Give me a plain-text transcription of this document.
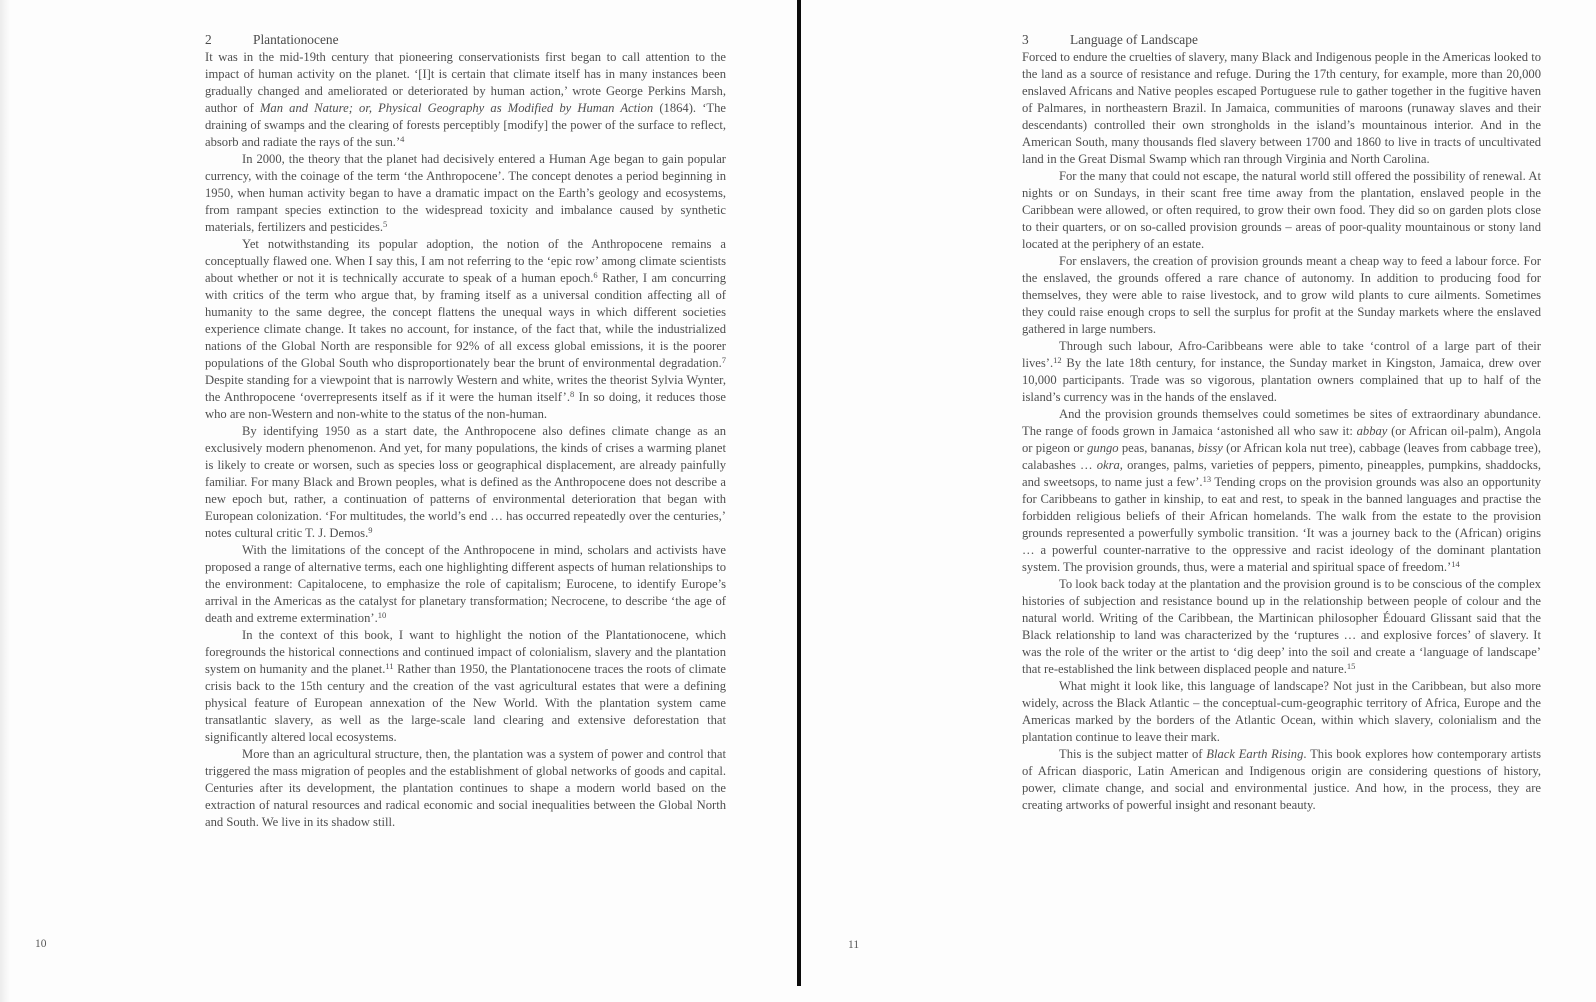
2	Plantationocene

It was in the mid-19th century that pioneering conservationists first began to call attention to the impact of human activity on the planet. ‘[I]t is certain that climate itself has in many instances been gradually changed and ameliorated or deteriorated by human action,’ wrote George Perkins Marsh, author of Man and Nature; or, Physical Geography as Modified by Human Action (1864). ‘The draining of swamps and the clearing of forests perceptibly [modify] the power of the surface to reflect, absorb and radiate the rays of the sun.’$^4$

In 2000, the theory that the planet had decisively entered a Human Age began to gain popular currency, with the coinage of the term ‘the Anthropocene’. The concept denotes a period beginning in 1950, when human activity began to have a dramatic impact on the Earth’s geology and ecosystems, from rampant species extinction to the widespread toxicity and imbalance caused by synthetic materials, fertilizers and pesticides.$^5$

Yet notwithstanding its popular adoption, the notion of the Anthropocene remains a conceptually flawed one. When I say this, I am not referring to the ‘epic row’ among climate scientists about whether or not it is technically accurate to speak of a human epoch.$^6$ Rather, I am concurring with critics of the term who argue that, by framing itself as a universal condition affecting all of humanity to the same degree, the concept flattens the unequal ways in which different societies experience climate change. It takes no account, for instance, of the fact that, while the industrialized nations of the Global North are responsible for 92% of all excess global emissions, it is the poorer populations of the Global South who disproportionately bear the brunt of environmental degradation.$^7$ Despite standing for a viewpoint that is narrowly Western and white, writes the theorist Sylvia Wynter, the Anthropocene ‘overrepresents itself as if it were the human itself’.$^8$ In so doing, it reduces those who are non-Western and non-white to the status of the non-human.

By identifying 1950 as a start date, the Anthropocene also defines climate change as an exclusively modern phenomenon. And yet, for many populations, the kinds of crises a warming planet is likely to create or worsen, such as species loss or geographical displacement, are already painfully familiar. For many Black and Brown peoples, what is defined as the Anthropocene does not describe a new epoch but, rather, a continuation of patterns of environmental deterioration that began with European colonization. ‘For multitudes, the world’s end … has occurred repeatedly over the centuries,’ notes cultural critic T. J. Demos.$^9$

With the limitations of the concept of the Anthropocene in mind, scholars and activists have proposed a range of alternative terms, each one highlighting different aspects of human relationships to the environment: Capitalocene, to emphasize the role of capitalism; Eurocene, to identify Europe’s arrival in the Americas as the catalyst for planetary transformation; Necrocene, to describe ‘the age of death and extreme extermination’.$^{10}$

In the context of this book, I want to highlight the notion of the Plantationocene, which foregrounds the historical connections and continued impact of colonialism, slavery and the plantation system on humanity and the planet.$^{11}$ Rather than 1950, the Plantationocene traces the roots of climate crisis back to the 15th century and the creation of the vast agricultural estates that were a defining physical feature of European annexation of the New World. With the plantation system came transatlantic slavery, as well as the large-scale land clearing and extensive deforestation that significantly altered local ecosystems.

More than an agricultural structure, then, the plantation was a system of power and control that triggered the mass migration of peoples and the establishment of global networks of goods and capital. Centuries after its development, the plantation continues to shape a modern world based on the extraction of natural resources and radical economic and social inequalities between the Global North and South. We live in its shadow still.

3	Language of Landscape

Forced to endure the cruelties of slavery, many Black and Indigenous people in the Americas looked to the land as a source of resistance and refuge. During the 17th century, for example, more than 20,000 enslaved Africans and Native peoples escaped Portuguese rule to gather together in the fugitive haven of Palmares, in northeastern Brazil. In Jamaica, communities of maroons (runaway slaves and their descendants) controlled their own strongholds in the island’s mountainous interior. And in the American South, many thousands fled slavery between 1700 and 1860 to live in tracts of uncultivated land in the Great Dismal Swamp which ran through Virginia and North Carolina.

For the many that could not escape, the natural world still offered the possibility of renewal. At nights or on Sundays, in their scant free time away from the plantation, enslaved people in the Caribbean were allowed, or often required, to grow their own food. They did so on garden plots close to their quarters, or on so-called provision grounds – areas of poor-quality mountainous or stony land located at the periphery of an estate.

For enslavers, the creation of provision grounds meant a cheap way to feed a labour force. For the enslaved, the grounds offered a rare chance of autonomy. In addition to producing food for themselves, they were able to raise livestock, and to grow wild plants to cure ailments. Sometimes they could raise enough crops to sell the surplus for profit at the Sunday markets where the enslaved gathered in large numbers.

Through such labour, Afro-Caribbeans were able to take ‘control of a large part of their lives’.$^{12}$ By the late 18th century, for instance, the Sunday market in Kingston, Jamaica, drew over 10,000 participants. Trade was so vigorous, plantation owners complained that up to half of the island’s currency was in the hands of the enslaved.

And the provision grounds themselves could sometimes be sites of extraordinary abundance. The range of foods grown in Jamaica ‘astonished all who saw it: abbay (or African oil-palm), Angola or pigeon or gungo peas, bananas, bissy (or African kola nut tree), cabbage (leaves from cabbage tree), calabashes … okra, oranges, palms, varieties of peppers, pimento, pineapples, pumpkins, shaddocks, and sweetsops, to name just a few’.$^{13}$ Tending crops on the provision grounds was also an opportunity for Caribbeans to gather in kinship, to eat and rest, to speak in the banned languages and practise the forbidden religious beliefs of their African homelands. The walk from the estate to the provision grounds represented a powerfully symbolic transition. ‘It was a journey back to the (African) origins … a powerful counter-narrative to the oppressive and racist ideology of the dominant plantation system. The provision grounds, thus, were a material and spiritual space of freedom.’$^{14}$

To look back today at the plantation and the provision ground is to be conscious of the complex histories of subjection and resistance bound up in the relationship between people of colour and the natural world. Writing of the Caribbean, the Martinican philosopher Édouard Glissant said that the Black relationship to land was characterized by the ‘ruptures … and explosive forces’ of slavery. It was the role of the writer or the artist to ‘dig deep’ into the soil and create a ‘language of landscape’ that re-established the link between displaced people and nature.$^{15}$

What might it look like, this language of landscape? Not just in the Caribbean, but also more widely, across the Black Atlantic – the conceptual-cum-geographic territory of Africa, Europe and the Americas marked by the borders of the Atlantic Ocean, within which slavery, colonialism and the plantation continue to leave their mark.

This is the subject matter of Black Earth Rising. This book explores how contemporary artists of African diasporic, Latin American and Indigenous origin are considering questions of history, power, climate change, and social and environmental justice. And how, in the process, they are creating artworks of powerful insight and resonant beauty.

10	11
